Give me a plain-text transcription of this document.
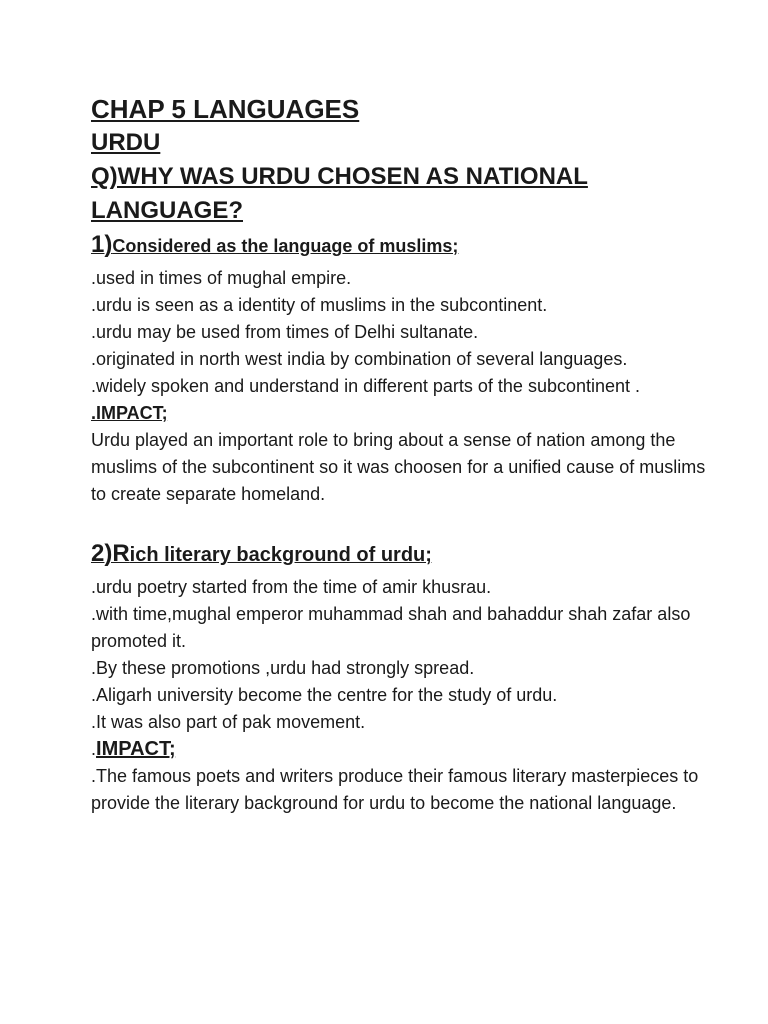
CHAP 5 LANGUAGES

URDU

Q)WHY WAS URDU CHOSEN AS NATIONAL LANGUAGE?

1)Considered as the language of muslims;

.used in times of mughal empire.

.urdu is seen as a identity of muslims in the subcontinent.

.urdu may be used from times of Delhi sultanate.

.originated in north west india by combination of several languages.

.widely spoken and understand in different parts of the subcontinent .

.IMPACT;

Urdu played an important role to bring about a sense of nation among the muslims of the subcontinent so it was choosen for a unified cause of muslims to create separate homeland.

2)Rich literary background of urdu;

.urdu poetry started from the time of amir khusrau.

.with time,mughal emperor muhammad shah and bahaddur shah zafar also promoted it.

.By these promotions ,urdu had strongly spread.

.Aligarh university become the centre for the study of urdu.

.It was also part of pak movement.

.IMPACT;

.The famous poets and writers produce their famous literary masterpieces to provide the literary background for urdu to become the national language.
